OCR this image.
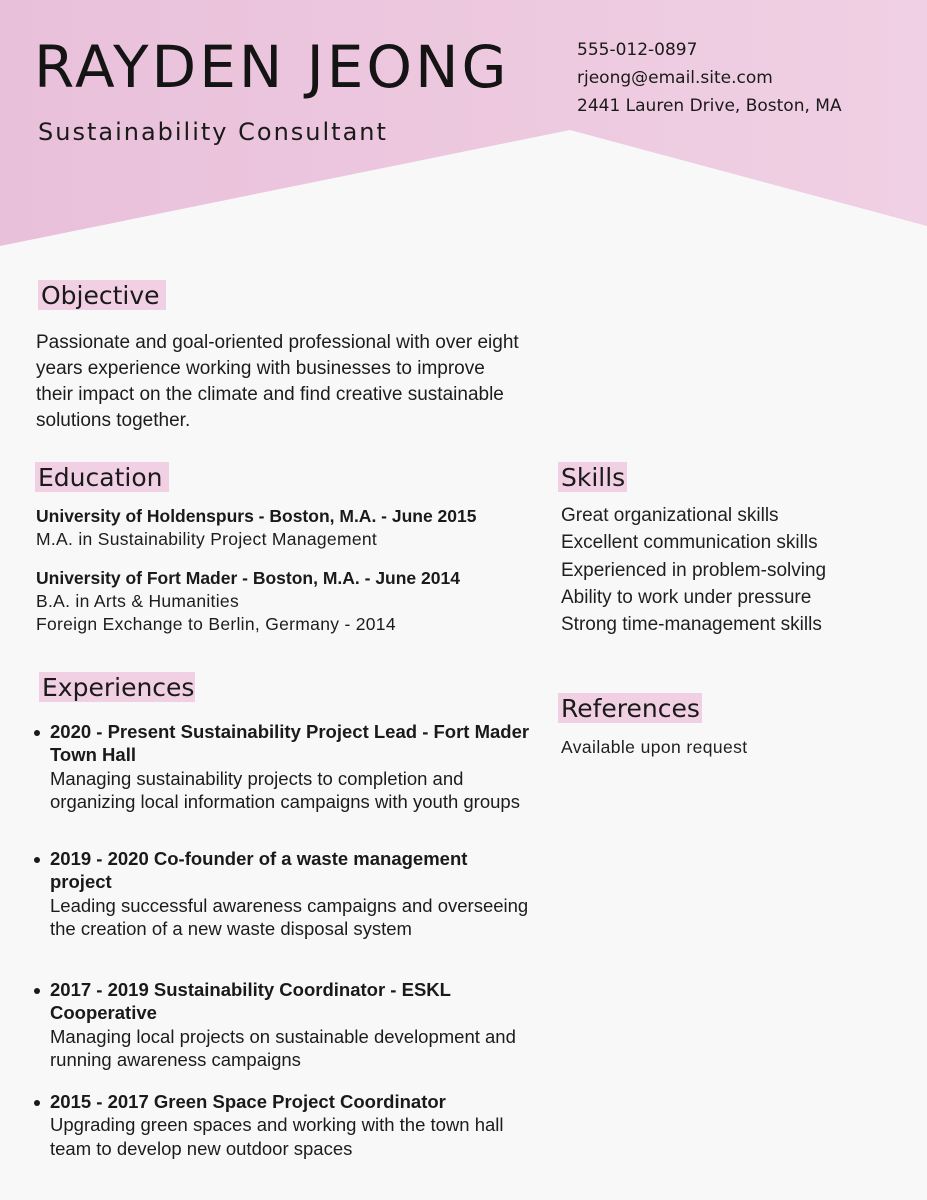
RAYDEN JEONG
Sustainability Consultant
555-012-0897
rjeong@email.site.com
2441 Lauren Drive, Boston, MA
Objective
Passionate and goal-oriented professional with over eight years experience working with businesses to improve their impact on the climate and find creative sustainable solutions together.
Education
University of Holdenspurs - Boston, M.A. - June 2015
M.A. in Sustainability Project Management
University of Fort Mader - Boston, M.A. - June 2014
B.A. in Arts & Humanities
Foreign Exchange to Berlin, Germany - 2014
Experiences
2020 - Present Sustainability Project Lead - Fort Mader Town Hall
Managing sustainability projects to completion and organizing local information campaigns with youth groups
2019 - 2020 Co-founder of a waste management project
Leading successful awareness campaigns and overseeing the creation of a new waste disposal system
2017 - 2019 Sustainability Coordinator - ESKL Cooperative
Managing local projects on sustainable development and running awareness campaigns
2015 - 2017 Green Space Project Coordinator
Upgrading green spaces and working with the town hall team to develop new outdoor spaces
Skills
Great organizational skills
Excellent communication skills
Experienced in problem-solving
Ability to work under pressure
Strong time-management skills
References
Available upon request
